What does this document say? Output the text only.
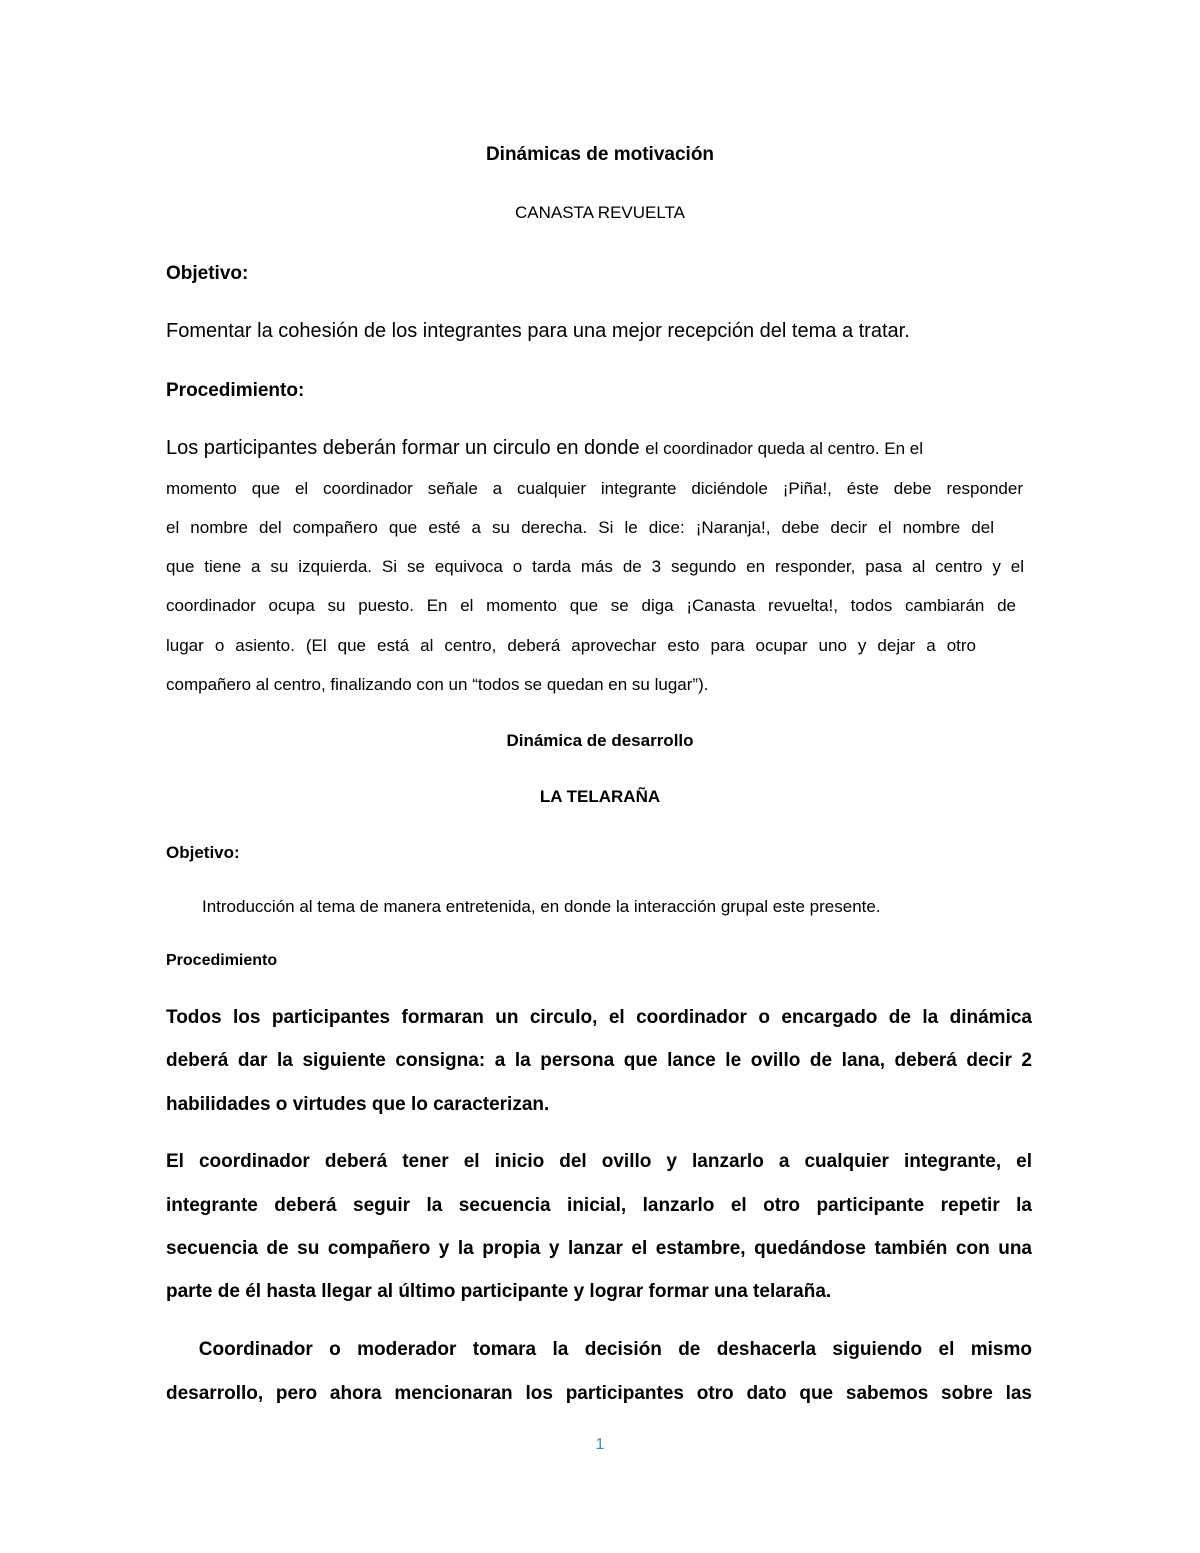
Dinámicas de motivación

CANASTA REVUELTA

Objetivo:

Fomentar la cohesión de los integrantes para una mejor recepción del tema a tratar.

Procedimiento:

Los participantes deberán formar un circulo en donde el coordinador queda al centro. En el

momento que el coordinador señale a cualquier integrante diciéndole ¡Piña!, éste debe responder

el nombre del compañero que esté a su derecha. Si le dice: ¡Naranja!, debe decir el nombre del

que tiene a su izquierda. Si se equivoca o tarda más de 3 segundo en responder, pasa al centro y el

coordinador ocupa su puesto. En el momento que se diga ¡Canasta revuelta!, todos cambiarán de

lugar o asiento. (El que está al centro, deberá aprovechar esto para ocupar uno y dejar a otro

compañero al centro, finalizando con un “todos se quedan en su lugar”).

Dinámica de desarrollo

LA TELARAÑA

Objetivo:

Introducción al tema de manera entretenida, en donde la interacción grupal este presente.

Procedimiento

Todos los participantes formaran un circulo, el coordinador o encargado de la dinámica

deberá dar la siguiente consigna: a la persona que lance le ovillo de lana, deberá decir 2

habilidades o virtudes que lo caracterizan.

El coordinador deberá tener el inicio del ovillo y lanzarlo a cualquier integrante, el

integrante deberá seguir la secuencia inicial, lanzarlo el otro participante repetir la

secuencia de su compañero y la propia y lanzar el estambre, quedándose también con una

parte de él hasta llegar al último participante y lograr formar una telaraña.

Coordinador o moderador tomara la decisión de deshacerla siguiendo el mismo

desarrollo, pero ahora mencionaran los participantes otro dato que sabemos sobre las

1
